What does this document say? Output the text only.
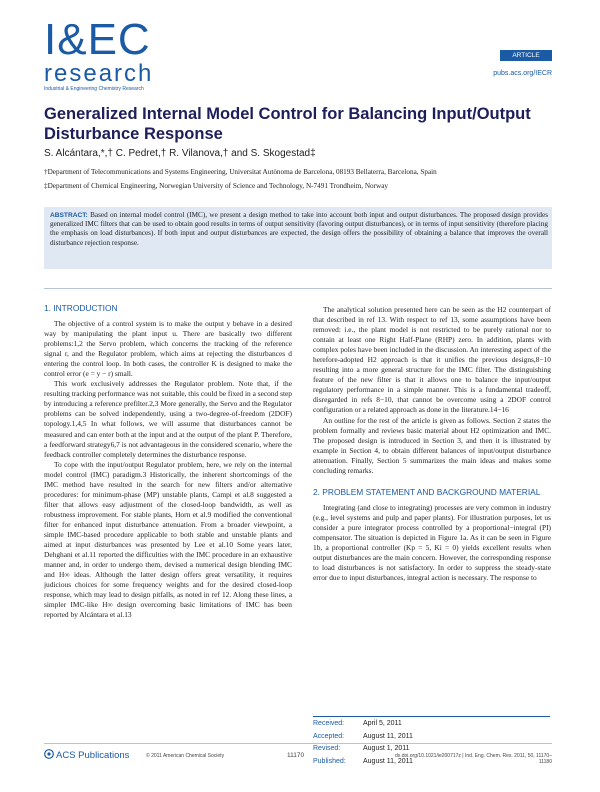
I&EC
research
Industrial & Engineering Chemistry Research
ARTICLE
pubs.acs.org/IECR
Generalized Internal Model Control for Balancing Input/Output Disturbance Response
S. Alcántara,*,† C. Pedret,† R. Vilanova,† and S. Skogestad‡
†Department of Telecommunications and Systems Engineering, Universitat Autònoma de Barcelona, 08193 Bellaterra, Barcelona, Spain
‡Department of Chemical Engineering, Norwegian University of Science and Technology, N-7491 Trondheim, Norway
ABSTRACT: Based on internal model control (IMC), we present a design method to take into account both input and output disturbances. The proposed design provides generalized IMC filters that can be used to obtain good results in terms of output sensitivity (favoring output disturbances), or in terms of input sensitivity (therefore placing the emphasis on load disturbances). If both input and output disturbances are expected, the design offers the possibility of obtaining a balance that improves the overall disturbance rejection response.
1. INTRODUCTION

The objective of a control system is to make the output y behave in a desired way by manipulating the plant input u. There are basically two different problems:1,2 the Servo problem, which concerns the tracking of the reference signal r, and the Regulator problem, which aims at rejecting the disturbances d entering the control loop. In both cases, the controller K is designed to make the control error (e = y − r) small.

This work exclusively addresses the Regulator problem. Note that, if the resulting tracking performance was not suitable, this could be fixed in a second step by introducing a reference prefilter.2,3 More generally, the Servo and the Regulator problems can be solved independently, using a two-degree-of-freedom (2DOF) topology.1,4,5 In what follows, we will assume that disturbances cannot be measured and can enter both at the input and at the output of the plant P. Therefore, a feedforward strategy6,7 is not advantageous in the considered scenario, where the feedback controller completely determines the disturbance response.

To cope with the input/output Regulator problem, here, we rely on the internal model control (IMC) paradigm.3 Historically, the inherent shortcomings of the IMC method have resulted in the search for new filters and/or alternative procedures: for minimum-phase (MP) unstable plants, Campi et al.8 suggested a filter that allows easy adjustment of the closed-loop bandwidth, as well as robustness improvement. For stable plants, Horn et al.9 modified the conventional filter for enhanced input disturbance attenuation. From a broader viewpoint, a simple IMC-based procedure applicable to both stable and unstable plants and aimed at input disturbances was presented by Lee et al.10 Some years later, Dehghani et al.11 reported the difficulties with the IMC procedure in an exhaustive manner and, in order to undergo them, devised a numerical design blending IMC and H∞ ideas. Although the latter design offers great versatility, it requires judicious choices for some frequency weights and for the desired closed-loop response, which may lead to design pitfalls, as noted in ref 12. Along these lines, a simpler IMC-like H∞ design overcoming basic limitations of IMC has been reported by Alcántara et al.13

The analytical solution presented here can be seen as the H2 counterpart of that described in ref 13. With respect to ref 13, some assumptions have been removed: i.e., the plant model is not restricted to be purely rational nor to contain at least one Right Half-Plane (RHP) zero. In addition, plants with complex poles have been included in the discussion. An interesting aspect of the herefore-adopted H2 approach is that it unifies the previous designs,8−10 resulting into a more general structure for the IMC filter. The distinguishing feature of the new filter is that it allows one to balance the input/output regulatory performance in a simple manner. This is a fundamental tradeoff, disregarded in refs 8−10, that cannot be overcome using a 2DOF control configuration or a related approach as done in the literature.14−16

An outline for the rest of the article is given as follows. Section 2 states the problem formally and reviews basic material about H2 optimization and IMC. The proposed design is introduced in Section 3, and then it is illustrated by example in Section 4, to obtain different balances of input/output disturbance attenuation. Finally, Section 5 summarizes the main ideas and makes some concluding remarks.

2. PROBLEM STATEMENT AND BACKGROUND MATERIAL

Integrating (and close to integrating) processes are very common in industry (e.g., level systems and pulp and paper plants). For illustration purposes, let us consider a pure integrator process controlled by a proportional−integral (PI) compensator. The situation is depicted in Figure 1a. As it can be seen in Figure 1b, a proportional controller (Kp = 5, Ki = 0) yields excellent results when output disturbances are the main concern. However, the corresponding response to load disturbances is not satisfactory. In order to suppress the steady-state error due to input disturbances, integral action is necessary. The response to

Received:	April 5, 2011
Accepted:	August 11, 2011
Revised:	August 1, 2011
Published: August 11, 2011
ACS Publications	© 2011 American Chemical Society	11170	dx.doi.org/10.1021/ie200717z | Ind. Eng. Chem. Res. 2011, 50, 11170–11180
